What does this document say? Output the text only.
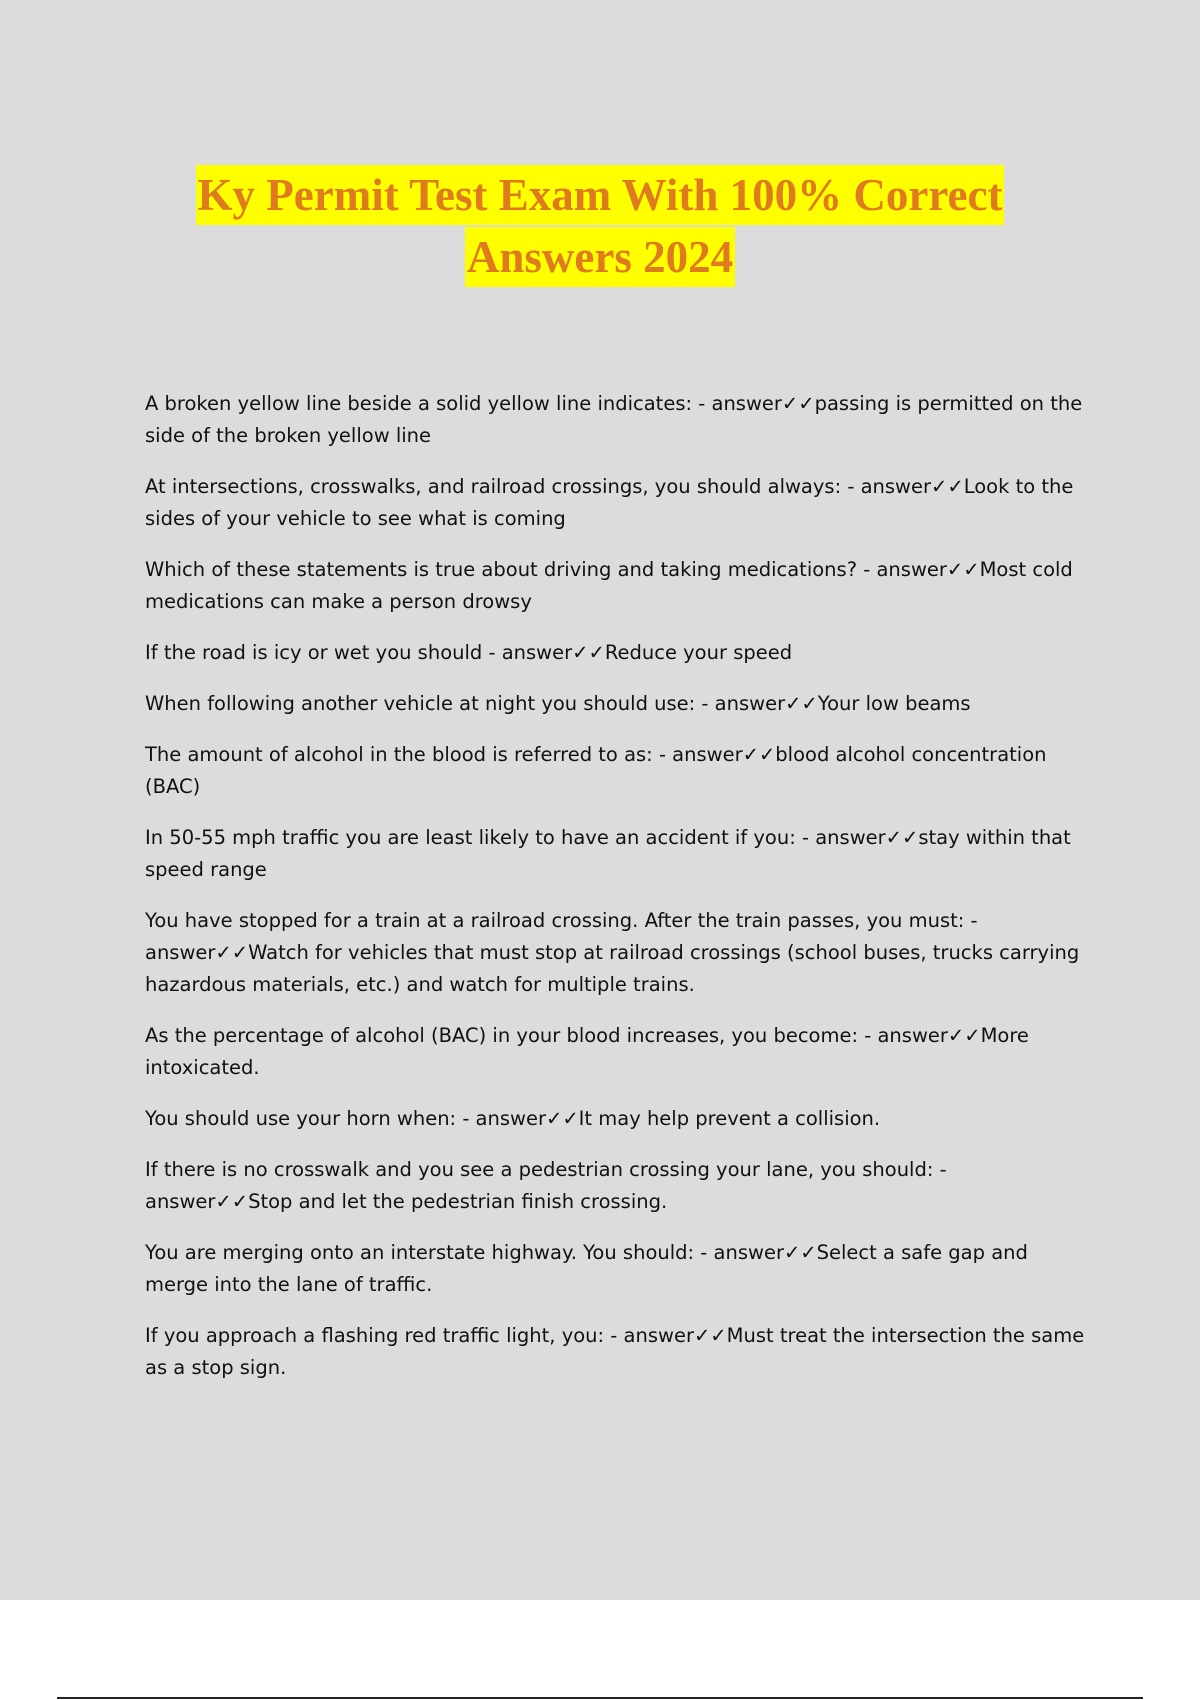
Ky Permit Test Exam With 100% Correct
Answers 2024

A broken yellow line beside a solid yellow line indicates: - answer✓✓passing is permitted on the side of the broken yellow line

At intersections, crosswalks, and railroad crossings, you should always: - answer✓✓Look to the sides of your vehicle to see what is coming

Which of these statements is true about driving and taking medications? - answer✓✓Most cold medications can make a person drowsy

If the road is icy or wet you should - answer✓✓Reduce your speed

When following another vehicle at night you should use: - answer✓✓Your low beams

The amount of alcohol in the blood is referred to as: - answer✓✓blood alcohol concentration (BAC)

In 50-55 mph traffic you are least likely to have an accident if you: - answer✓✓stay within that speed range

You have stopped for a train at a railroad crossing. After the train passes, you must: - answer✓✓Watch for vehicles that must stop at railroad crossings (school buses, trucks carrying hazardous materials, etc.) and watch for multiple trains.

As the percentage of alcohol (BAC) in your blood increases, you become: - answer✓✓More intoxicated.

You should use your horn when: - answer✓✓It may help prevent a collision.

If there is no crosswalk and you see a pedestrian crossing your lane, you should: - answer✓✓Stop and let the pedestrian finish crossing.

You are merging onto an interstate highway. You should: - answer✓✓Select a safe gap and merge into the lane of traffic.

If you approach a flashing red traffic light, you: - answer✓✓Must treat the intersection the same as a stop sign.
